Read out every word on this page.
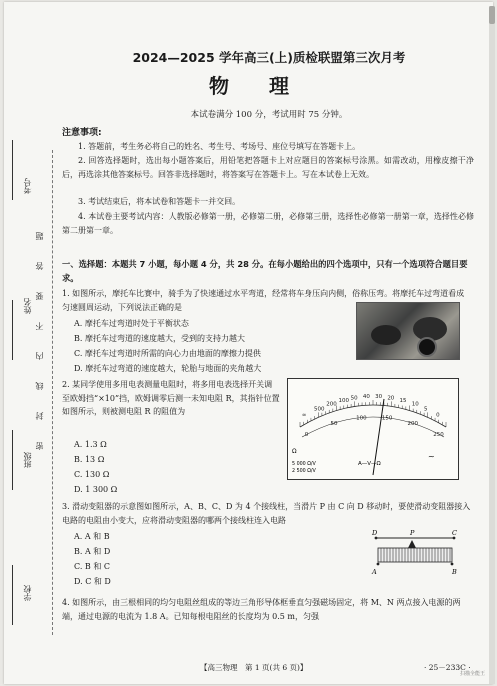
考号
姓名
班级
学校
题
答
要
不
内
线
封
密
2024—2025 学年高三(上)质检联盟第三次月考
物理
本试卷满分 100 分，考试用时 75 分钟。
注意事项:
1. 答题前，考生务必将自己的姓名、考生号、考场号、座位号填写在答题卡上。
2. 回答选择题时，选出每小题答案后，用铅笔把答题卡上对应题目的答案标号涂黑。如需改动，用橡皮擦干净后，再选涂其他答案标号。回答非选择题时，将答案写在答题卡上。写在本试卷上无效。
3. 考试结束后，将本试卷和答题卡一并交回。
4. 本试卷主要考试内容：人教版必修第一册，必修第二册，必修第三册，选择性必修第一册第一章，选择性必修第二册第一章。
一、选择题：本题共 7 小题，每小题 4 分，共 28 分。在每小题给出的四个选项中，只有一个选项符合题目要求。
1. 如图所示，摩托车比赛中，骑手为了快速通过水平弯道，经常将车身压向内侧，俗称压弯。将摩托车过弯道看成匀速圆周运动，下列说法正确的是
A. 摩托车过弯道时处于平衡状态
B. 摩托车过弯道的速度越大，受到的支持力越大
C. 摩托车过弯道时所需的向心力由地面的摩擦力提供
D. 摩托车过弯道的速度越大，轮胎与地面的夹角越大
2. 某同学使用多用电表测量电阻时，将多用电表选择开关调至欧姆挡“×10”挡，欧姆调零后测一未知电阻 R，其指针位置如图所示，则被测电阻 R 的阻值为
A. 1.3 Ω
B. 13 Ω
C. 130 Ω
D. 1 300 Ω
∞
500
200
100 50 40 30 20 15
10
5
0
0
50
100	150
200
250
Ω
5 000 Ω/V
2 500 Ω/V
A—V—Ω
~
3. 滑动变阻器的示意图如图所示，A、B、C、D 为 4 个接线柱，当滑片 P 由 C 向 D 移动时，要使滑动变阻器接入电路的电阻由小变大，应将滑动变阻器的哪两个接线柱连入电路
A. A 和 B
B. A 和 D
C. B 和 C
D. C 和 D
D	P	C
A	B
4. 如图所示，由三根相同的均匀电阻丝组成的等边三角形导体框垂直匀强磁场固定，将 M、N 两点接入电源的两端，通过电源的电流为 1.8 A。已知每根电阻丝的长度均为 0.5 m，匀强
【高三物理　第 1 页(共 6 页)】	· 25－233C ·
扫描全能王
